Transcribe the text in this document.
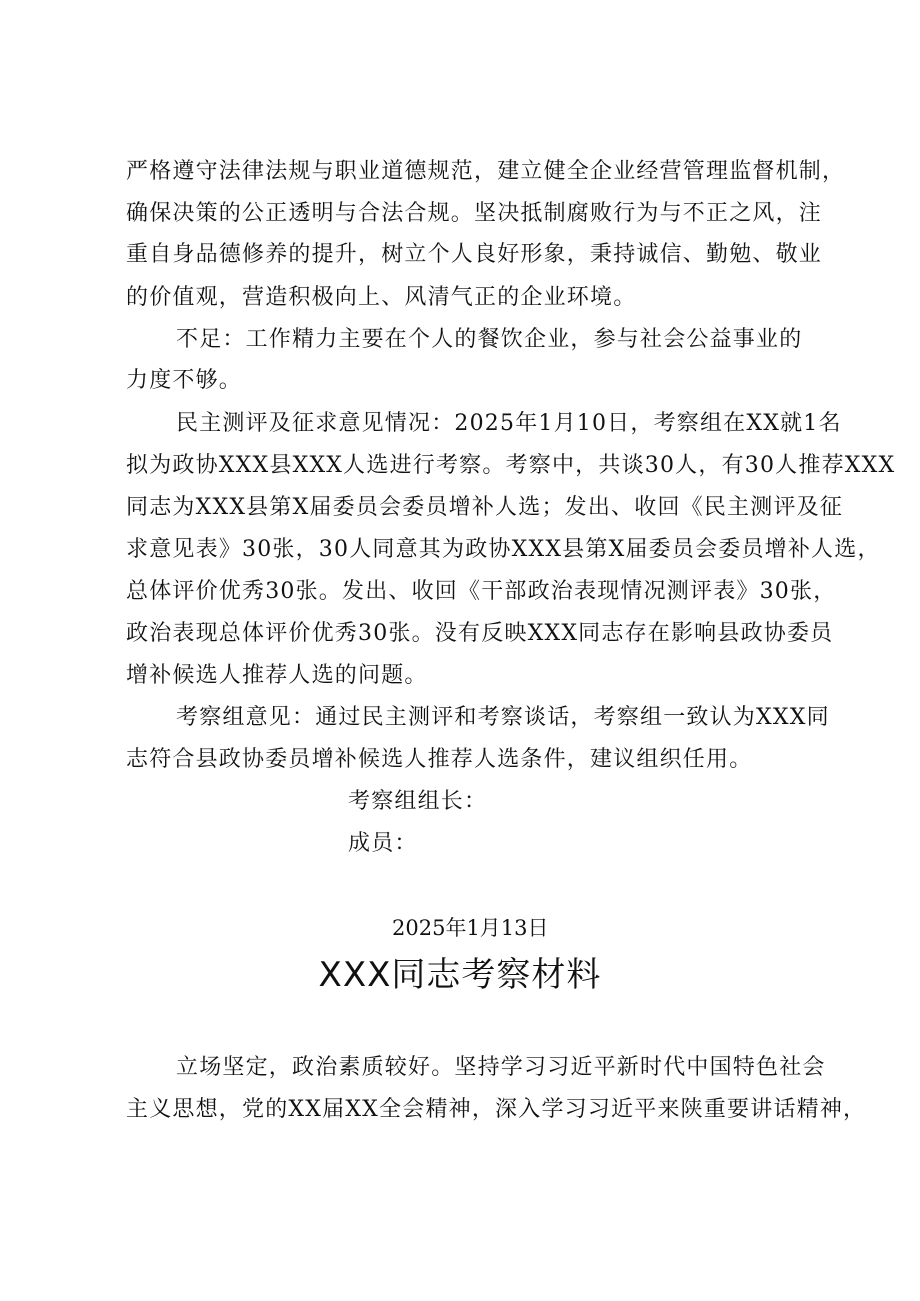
严格遵守法律法规与职业道德规范，建立健全企业经营管理监督机制，
确保决策的公正透明与合法合规。坚决抵制腐败行为与不正之风，注
重自身品德修养的提升，树立个人良好形象，秉持诚信、勤勉、敬业
的价值观，营造积极向上、风清气正的企业环境。
不足：工作精力主要在个人的餐饮企业，参与社会公益事业的
力度不够。
民主测评及征求意见情况：2025年1月10日，考察组在XX就1名
拟为政协XXX县XXX人选进行考察。考察中，共谈30人，有30人推荐XXX
同志为XXX县第X届委员会委员增补人选；发出、收回《民主测评及征
求意见表》30张，30人同意其为政协XXX县第X届委员会委员增补人选，
总体评价优秀30张。发出、收回《干部政治表现情况测评表》30张，
政治表现总体评价优秀30张。没有反映XXX同志存在影响县政协委员
增补候选人推荐人选的问题。
考察组意见：通过民主测评和考察谈话，考察组一致认为XXX同
志符合县政协委员增补候选人推荐人选条件，建议组织任用。
考察组组长：
成员：
2025年1月13日
XXX同志考察材料
立场坚定，政治素质较好。坚持学习习近平新时代中国特色社会
主义思想，党的XX届XX全会精神，深入学习习近平来陕重要讲话精神，
